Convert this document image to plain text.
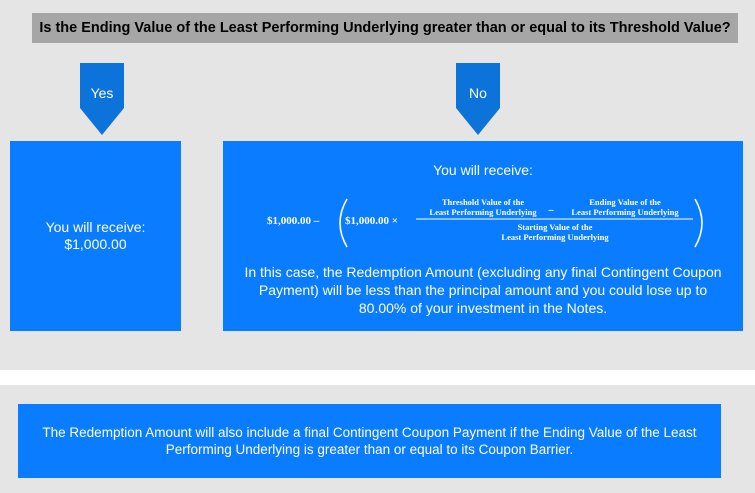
Is the Ending Value of the Least Performing Underlying greater than or equal to its Threshold Value?
Yes	No
You will receive:
$1,000.00
You will receive:
$1,000.00 – $1,000.00 ×
Threshold Value of the
Least Performing Underlying –
Ending Value of the
Least Performing Underlying
Starting Value of the
Least Performing Underlying
In this case, the Redemption Amount (excluding any final Contingent Coupon Payment) will be less than the principal amount and you could lose up to 80.00% of your investment in the Notes.
The Redemption Amount will also include a final Contingent Coupon Payment if the Ending Value of the Least Performing Underlying is greater than or equal to its Coupon Barrier.
